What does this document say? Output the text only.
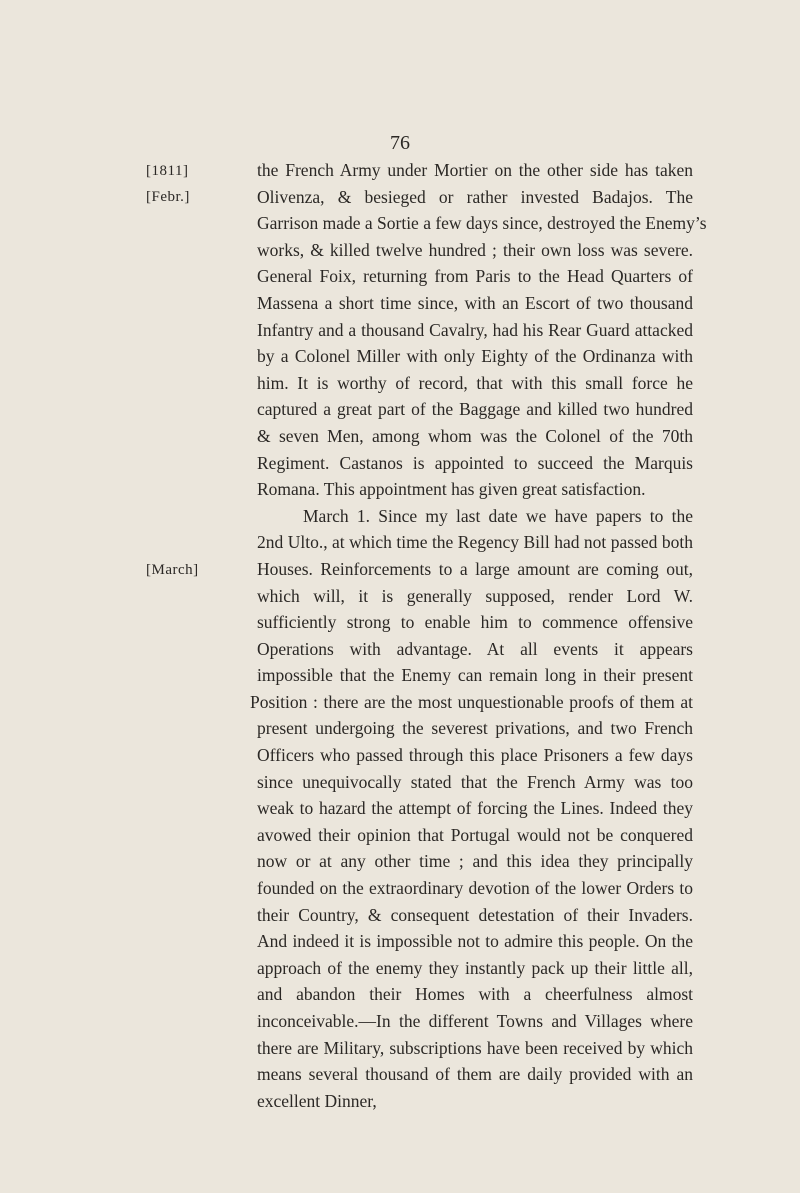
76
[1811]
[Febr.]
[March]
the French Army under Mortier on the other side has taken
Olivenza, & besieged or rather invested Badajos. The
Garrison made a Sortie a few days since, destroyed the Enemy’s
works, & killed twelve hundred ; their own loss was severe.
General Foix, returning from Paris to the Head Quarters of
Massena a short time since, with an Escort of two thousand
Infantry and a thousand Cavalry, had his Rear Guard attacked
by a Colonel Miller with only Eighty of the Ordinanza with
him. It is worthy of record, that with this small force he
captured a great part of the Baggage and killed two hundred
& seven Men, among whom was the Colonel of the 70th
Regiment. Castanos is appointed to succeed the Marquis
Romana. This appointment has given great satisfaction.
March 1. Since my last date we have papers to the
2nd Ulto., at which time the Regency Bill had not passed both
Houses. Reinforcements to a large amount are coming out,
which will, it is generally supposed, render Lord W.
sufficiently strong to enable him to commence offensive
Operations with advantage. At all events it appears
impossible that the Enemy can remain long in their present
Position : there are the most unquestionable proofs of them at
present undergoing the severest privations, and two French
Officers who passed through this place Prisoners a few days
since unequivocally stated that the French Army was too
weak to hazard the attempt of forcing the Lines. Indeed they
avowed their opinion that Portugal would not be conquered
now or at any other time ; and this idea they principally
founded on the extraordinary devotion of the lower Orders to
their Country, & consequent detestation of their Invaders.
And indeed it is impossible not to admire this people. On the
approach of the enemy they instantly pack up their little all,
and abandon their Homes with a cheerfulness almost
inconceivable.—In the different Towns and Villages where
there are Military, subscriptions have been received by which
means several thousand of them are daily provided with an
excellent Dinner,
